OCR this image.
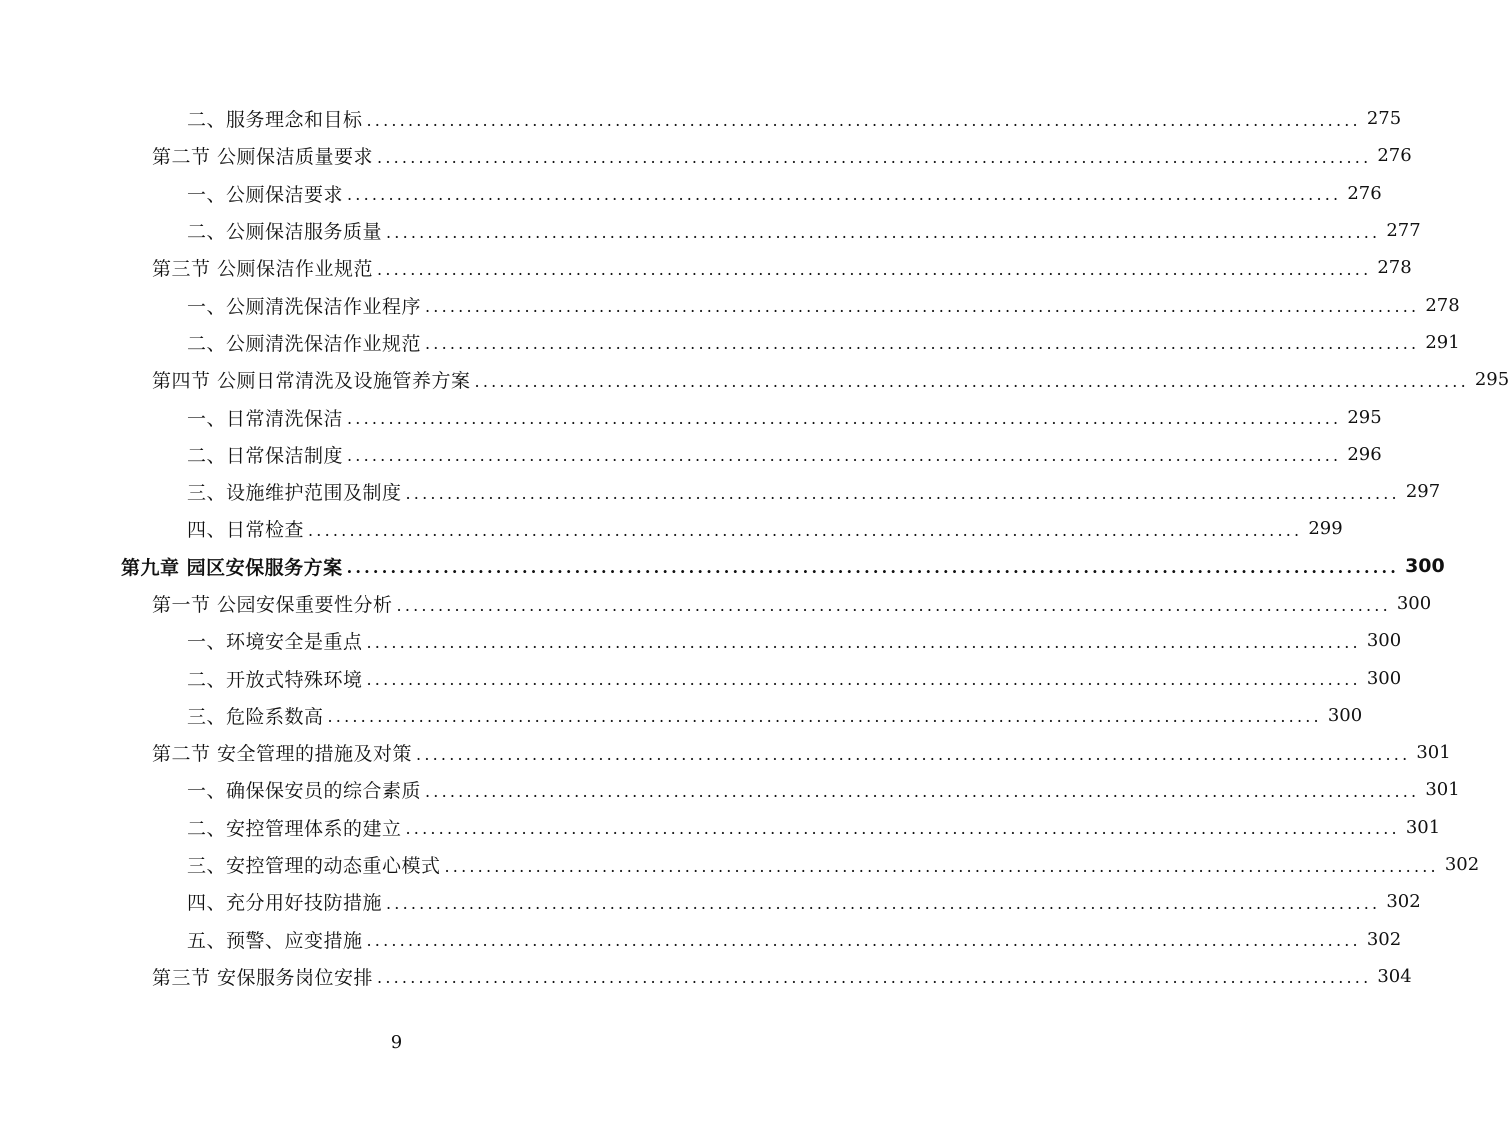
二、服务理念和目标 ........................................................................................................................ 275
第二节 公厕保洁质量要求 ........................................................................................................................ 276
一、公厕保洁要求 ........................................................................................................................ 276
二、公厕保洁服务质量 ........................................................................................................................ 277
第三节 公厕保洁作业规范 ........................................................................................................................ 278
一、公厕清洗保洁作业程序 ........................................................................................................................ 278
二、公厕清洗保洁作业规范 ........................................................................................................................ 291
第四节 公厕日常清洗及设施管养方案 ........................................................................................................................ 295
一、日常清洗保洁 ........................................................................................................................ 295
二、日常保洁制度 ........................................................................................................................ 296
三、设施维护范围及制度 ........................................................................................................................ 297
四、日常检查 ........................................................................................................................ 299
第九章 园区安保服务方案 ........................................................................................................................ 300
第一节 公园安保重要性分析 ........................................................................................................................ 300
一、环境安全是重点 ........................................................................................................................ 300
二、开放式特殊环境 ........................................................................................................................ 300
三、危险系数高 ........................................................................................................................ 300
第二节 安全管理的措施及对策 ........................................................................................................................ 301
一、确保保安员的综合素质 ........................................................................................................................ 301
二、安控管理体系的建立 ........................................................................................................................ 301
三、安控管理的动态重心模式 ........................................................................................................................ 302
四、充分用好技防措施 ........................................................................................................................ 302
五、预警、应变措施 ........................................................................................................................ 302
第三节 安保服务岗位安排 ........................................................................................................................ 304
9
